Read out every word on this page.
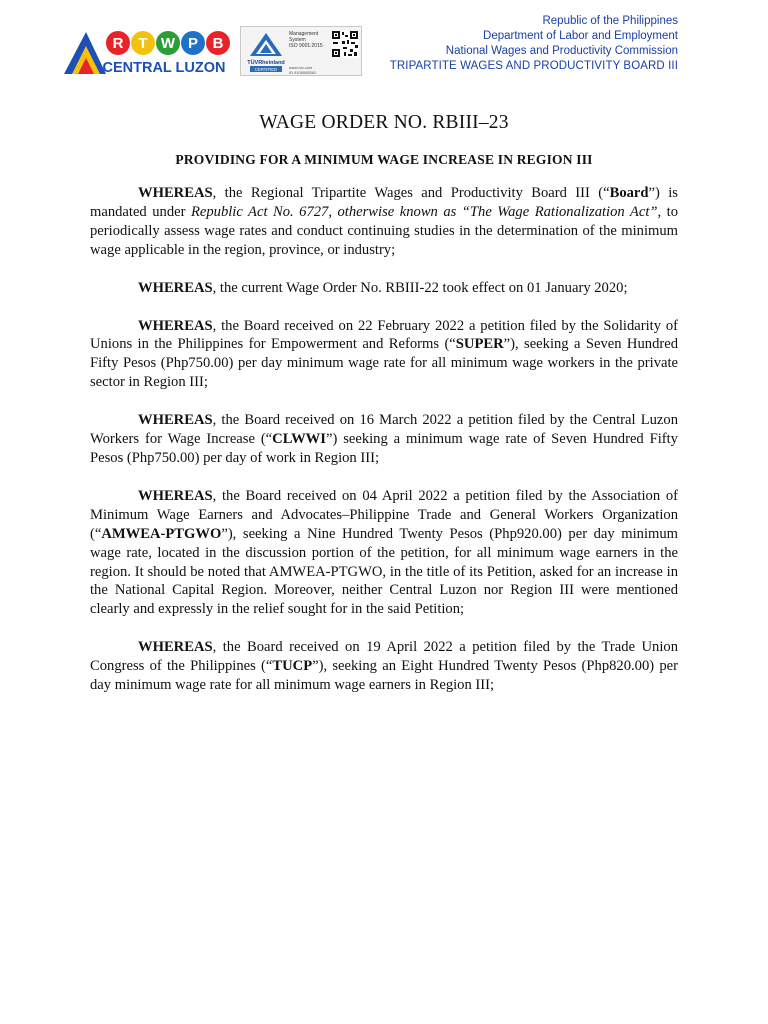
R T W P B
CENTRAL LUZON	TÜVRheinland
CERTIFIED
Management
System
ISO 9001:2015
www.tuv.com
ID 9105085362
Republic of the Philippines
Department of Labor and Employment
National Wages and Productivity Commission
TRIPARTITE WAGES AND PRODUCTIVITY BOARD III
WAGE ORDER NO. RBIII–23
PROVIDING FOR A MINIMUM WAGE INCREASE IN REGION III

WHEREAS, the Regional Tripartite Wages and Productivity Board III (“Board”) is mandated under Republic Act No. 6727, otherwise known as “The Wage Rationalization Act”, to periodically assess wage rates and conduct continuing studies in the determination of the minimum wage applicable in the region, province, or industry;

WHEREAS, the current Wage Order No. RBIII-22 took effect on 01 January 2020;

WHEREAS, the Board received on 22 February 2022 a petition filed by the Solidarity of Unions in the Philippines for Empowerment and Reforms (“SUPER”), seeking a Seven Hundred Fifty Pesos (Php750.00) per day minimum wage rate for all minimum wage workers in the private sector in Region III;

WHEREAS, the Board received on 16 March 2022 a petition filed by the Central Luzon Workers for Wage Increase (“CLWWI”) seeking a minimum wage rate of Seven Hundred Fifty Pesos (Php750.00) per day of work in Region III;

WHEREAS, the Board received on 04 April 2022 a petition filed by the Association of Minimum Wage Earners and Advocates–Philippine Trade and General Workers Organization (“AMWEA-PTGWO”), seeking a Nine Hundred Twenty Pesos (Php920.00) per day minimum wage rate, located in the discussion portion of the petition, for all minimum wage earners in the region. It should be noted that AMWEA-PTGWO, in the title of its Petition, asked for an increase in the National Capital Region. Moreover, neither Central Luzon nor Region III were mentioned clearly and expressly in the relief sought for in the said Petition;

WHEREAS, the Board received on 19 April 2022 a petition filed by the Trade Union Congress of the Philippines (“TUCP”), seeking an Eight Hundred Twenty Pesos (Php820.00) per day minimum wage rate for all minimum wage earners in Region III;
